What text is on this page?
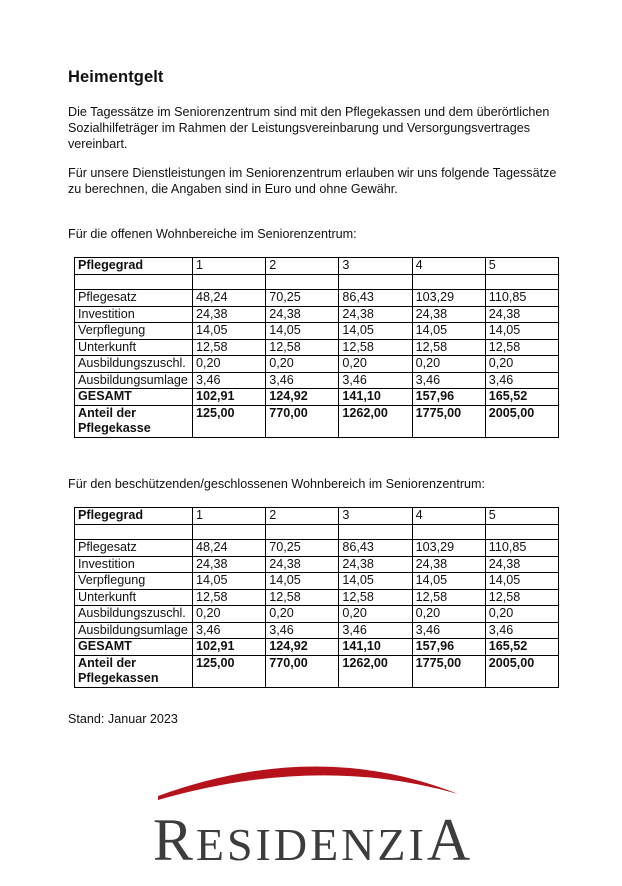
Heimentgelt

Die Tagessätze im Seniorenzentrum sind mit den Pflegekassen und dem überörtlichen Sozialhilfeträger im Rahmen der Leistungsvereinbarung und Versorgungsvertrages vereinbart.

Für unsere Dienstleistungen im Seniorenzentrum erlauben wir uns folgende Tagessätze zu berechnen, die Angaben sind in Euro und ohne Gewähr.

Für die offenen Wohnbereiche im Seniorenzentrum:

Pflegegrad	1	2	3	4	5

Pflegesatz	48,24	70,25	86,43	103,29	110,85
Investition	24,38	24,38	24,38	24,38	24,38
Verpflegung	14,05	14,05	14,05	14,05	14,05
Unterkunft	12,58	12,58	12,58	12,58	12,58
Ausbildungszuschl.	0,20	0,20	0,20	0,20	0,20
Ausbildungsumlage	3,46	3,46	3,46	3,46	3,46
GESAMT	102,91	124,92	141,10	157,96	165,52
Anteil der Pflegekasse	125,00	770,00	1262,00	1775,00	2005,00

Für den beschützenden/geschlossenen Wohnbereich im Seniorenzentrum:

Pflegegrad	1	2	3	4	5

Pflegesatz	48,24	70,25	86,43	103,29	110,85
Investition	24,38	24,38	24,38	24,38	24,38
Verpflegung	14,05	14,05	14,05	14,05	14,05
Unterkunft	12,58	12,58	12,58	12,58	12,58
Ausbildungszuschl.	0,20	0,20	0,20	0,20	0,20
Ausbildungsumlage	3,46	3,46	3,46	3,46	3,46
GESAMT	102,91	124,92	141,10	157,96	165,52
Anteil der Pflegekassen	125,00	770,00	1262,00	1775,00	2005,00

Stand: Januar 2023

RESIDENZIA
